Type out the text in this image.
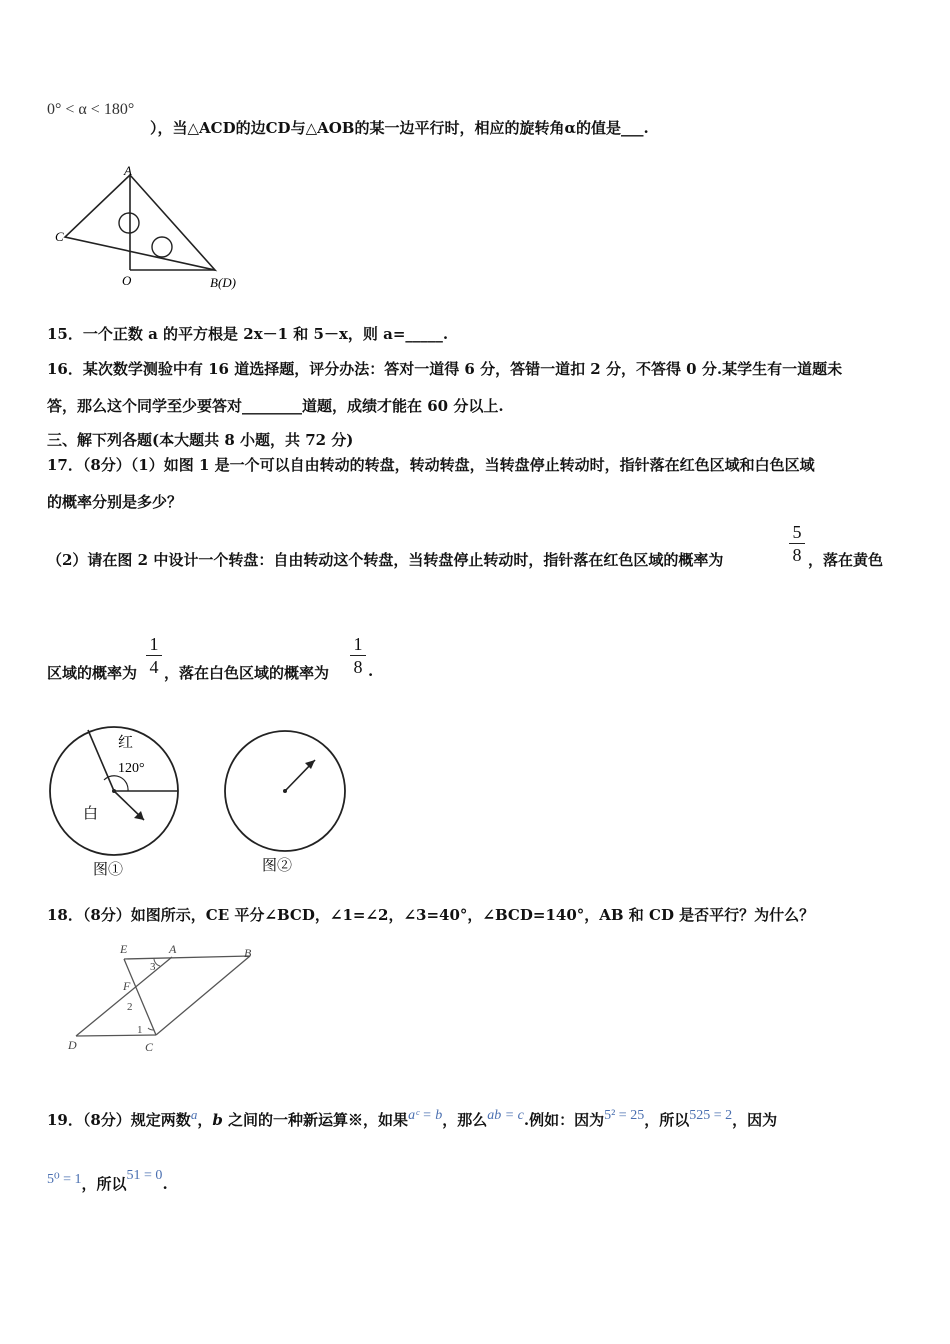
0° < α < 180°
），当△ACD的边CD与△AOB的某一边平行时，相应的旋转角α的值是___.
A
C
O	B(D)
15．一个正数 a 的平方根是 2x－1 和 5－x，则 a=_____.
16．某次数学测验中有 16 道选择题，评分办法：答对一道得 6 分，答错一道扣 2 分，不答得 0 分.某学生有一道题未
答，那么这个同学至少要答对________道题，成绩才能在 60 分以上.
三、解下列各题(本大题共 8 小题，共 72 分)
17．（8分）（1）如图 1 是一个可以自由转动的转盘，转动转盘，当转盘停止转动时，指针落在红色区域和白色区域
的概率分别是多少？
（2）请在图 2 中设计一个转盘：自由转动这个转盘，当转盘停止转动时，指针落在红色区域的概率为
5
8 ，落在黄色
区域的概率为
1
4 ，落在白色区域的概率为
1
8 .
红
120°
白
图①	图②
18．（8分）如图所示，CE 平分∠BCD，∠1=∠2，∠3=40°，∠BCD=140°，AB 和 CD 是否平行？为什么？
E	A	B
F
D	C
1
2
3
19．（8分）规定两数a，b 之间的一种新运算※，如果aᶜ = b，那么ab = c.例如：因为5² = 25，所以525 = 2，因为
5⁰ = 1，所以51 = 0.
